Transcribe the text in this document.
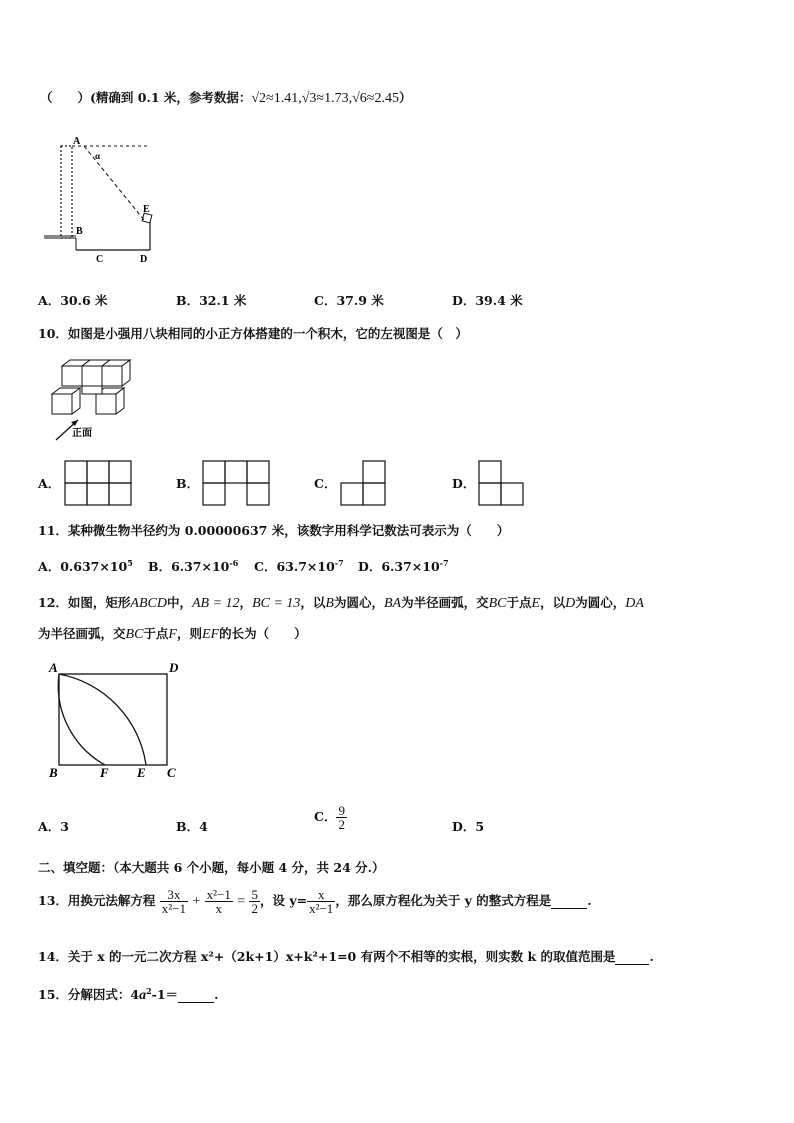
（　　）(精确到 0.1 米，参考数据：√2≈1.41,√3≈1.73,√6≈2.45）
A
α
B
C	D
E
A．30.6 米	B．32.1 米	C．37.9 米	D．39.4 米
10．如图是小强用八块相同的小正方体搭建的一个积木，它的左视图是（　）
正面
A．	B．	C．	D．
11．某种微生物半径约为 0.00000637 米，该数字用科学记数法可表示为（　　）
A．$0.637\times 10^5$ B．$6.37\times 10^{-6}$ C．$63.7\times 10^{-7}$ D．$6.37\times 10^{-7}$
12．如图，矩形ABCD中，AB = 12，BC = 13，以B为圆心，BA为半径画弧，交BC于点E，以D为圆心，DA
为半径画弧，交BC于点F，则EF的长为（　　）
A	D
B	F E C
A．3	B．4
C． $\frac{9}{2}$	D．5
二、填空题：（本大题共 6 个小题，每小题 4 分，共 24 分.）
13．用换元法解方程 $\frac{3x}{\text{x²−1}} + \frac{\text{x²−1}}{x} = \frac{5}{2}$ ，设 $y= \frac{x}{\text{x²−1}}$ ，那么原方程化为关于 y 的整式方程是	.
14．关于 x 的一元二次方程 x²+（2k+1）x+k²+1=0 有两个不相等的实根，则实数 k 的取值范围是	.
15．分解因式：$4a^2-1=$	.
